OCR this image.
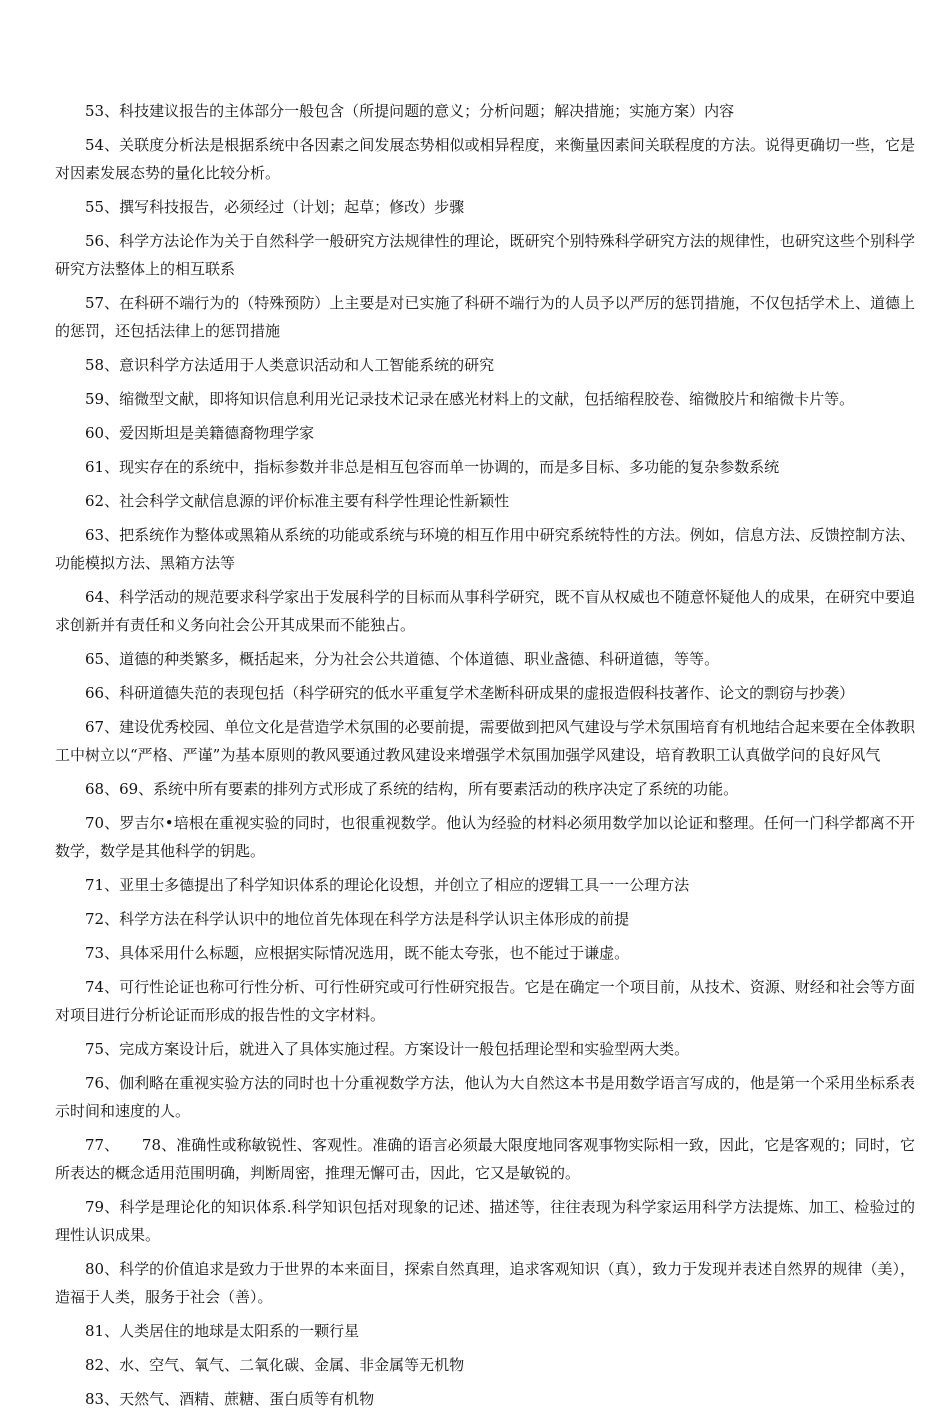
53、科技建议报告的主体部分一般包含（所提问题的意义；分析问题；解决措施；实施方案）内容

54、关联度分析法是根据系统中各因素之间发展态势相似或相异程度，来衡量因素间关联程度的方法。说得更确切一些，它是对因素发展态势的量化比较分析。

55、撰写科技报告，必须经过（计划；起草；修改）步骤

56、科学方法论作为关于自然科学一般研究方法规律性的理论，既研究个别特殊科学研究方法的规律性，也研究这些个别科学研究方法整体上的相互联系

57、在科研不端行为的（特殊预防）上主要是对已实施了科研不端行为的人员予以严厉的惩罚措施，不仅包括学术上、道德上的惩罚，还包括法律上的惩罚措施

58、意识科学方法适用于人类意识活动和人工智能系统的研究

59、缩微型文献，即将知识信息利用光记录技术记录在感光材料上的文献，包括缩程胶卷、缩微胶片和缩微卡片等。

60、爱因斯坦是美籍德裔物理学家

61、现实存在的系统中，指标参数并非总是相互包容而单一协调的，而是多目标、多功能的复杂参数系统

62、社会科学文献信息源的评价标准主要有科学性理论性新颖性

63、把系统作为整体或黑箱从系统的功能或系统与环境的相互作用中研究系统特性的方法。例如，信息方法、反馈控制方法、功能模拟方法、黑箱方法等

64、科学活动的规范要求科学家出于发展科学的目标而从事科学研究，既不盲从权威也不随意怀疑他人的成果，在研究中要追求创新并有责任和义务向社会公开其成果而不能独占。

65、道德的种类繁多，概括起来，分为社会公共道德、个体道德、职业盏德、科研道德，等等。

66、科研道德失范的表现包括（科学研究的低水平重复学术垄断科研成果的虚报造假科技著作、论文的剽窃与抄袭）

67、建设优秀校园、单位文化是营造学术氛围的必要前提，需要做到把风气建设与学术氛围培育有机地结合起来要在全体教职工中树立以“严格、严谨”为基本原则的教风要通过教风建设来增强学术氛围加强学风建设，培育教职工认真做学问的良好风气

68、69、系统中所有要素的排列方式形成了系统的结构，所有要素活动的秩序决定了系统的功能。

70、罗吉尔•培根在重视实验的同时，也很重视数学。他认为经验的材料必须用数学加以论证和整理。任何一门科学都离不开数学，数学是其他科学的钥匙。

71、亚里士多德提出了科学知识体系的理论化设想，并创立了相应的逻辑工具一一公理方法

72、科学方法在科学认识中的地位首先体现在科学方法是科学认识主体形成的前提

73、具体采用什么标题，应根据实际情况选用，既不能太夸张，也不能过于谦虚。

74、可行性论证也称可行性分析、可行性研究或可行性研究报告。它是在确定一个项目前，从技术、资源、财经和社会等方面对项目进行分析论证而形成的报告性的文字材料。

75、完成方案设计后，就进入了具体实施过程。方案设计一般包括理论型和实验型两大类。

76、伽利略在重视实验方法的同时也十分重视数学方法，他认为大自然这本书是用数学语言写成的，他是第一个采用坐标系表示时间和速度的人。

77、　　78、准确性或称敏锐性、客观性。准确的语言必须最大限度地同客观事物实际相一致，因此，它是客观的；同时，它所表达的概念适用范围明确，判断周密，推理无懈可击，因此，它又是敏锐的。

79、科学是理论化的知识体系.科学知识包括对现象的记述、描述等，往往表现为科学家运用科学方法提炼、加工、检验过的理性认识成果。

80、科学的价值追求是致力于世界的本来面目，探索自然真理，追求客观知识（真），致力于发现并表述自然界的规律（美），造福于人类，服务于社会（善）。

81、人类居住的地球是太阳系的一颗行星

82、水、空气、氧气、二氧化碳、金属、非金属等无机物

83、天然气、酒精、蔗糖、蛋白质等有机物
